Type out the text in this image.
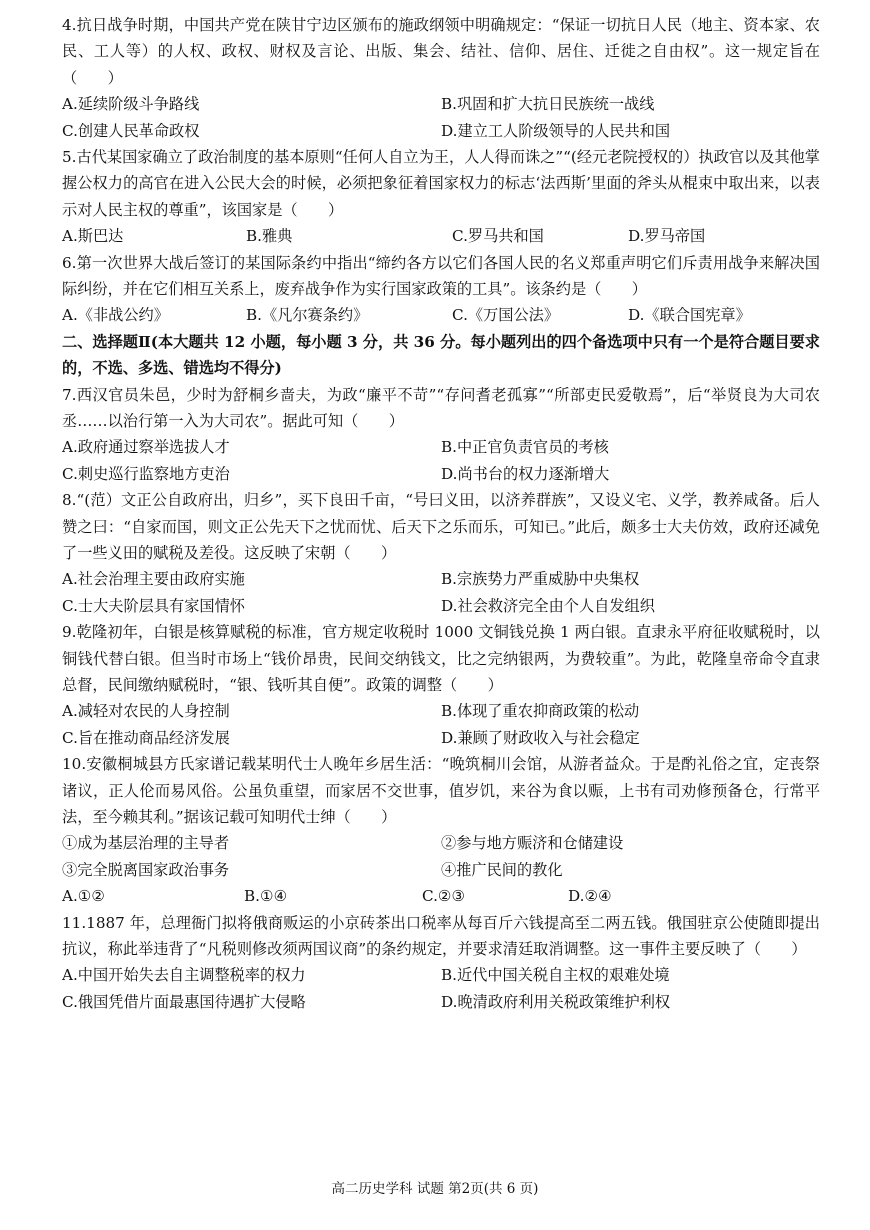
4.抗日战争时期，中国共产党在陕甘宁边区颁布的施政纲领中明确规定：“保证一切抗日人民（地主、资本家、农民、工人等）的人权、政权、财权及言论、出版、集会、结社、信仰、居住、迁徙之自由权”。这一规定旨在（　　）

A.延续阶级斗争路线	B.巩固和扩大抗日民族统一战线
C.创建人民革命政权	D.建立工人阶级领导的人民共和国

5.古代某国家确立了政治制度的基本原则“任何人自立为王，人人得而诛之”“(经元老院授权的）执政官以及其他掌握公权力的高官在进入公民大会的时候，必须把象征着国家权力的标志‘法西斯’里面的斧头从棍束中取出来，以表示对人民主权的尊重”，该国家是（　　）

A.斯巴达	B.雅典	C.罗马共和国	D.罗马帝国

6.第一次世界大战后签订的某国际条约中指出“缔约各方以它们各国人民的名义郑重声明它们斥责用战争来解决国际纠纷，并在它们相互关系上，废弃战争作为实行国家政策的工具”。该条约是（　　）

A.《非战公约》	B.《凡尔赛条约》	C.《万国公法》	D.《联合国宪章》

二、选择题Ⅱ(本大题共 12 小题，每小题 3 分，共 36 分。每小题列出的四个备选项中只有一个是符合题目要求的，不选、多选、错选均不得分)

7.西汉官员朱邑，少时为舒桐乡啬夫，为政“廉平不苛”“存问耆老孤寡”“所部吏民爱敬焉”，后“举贤良为大司农丞……以治行第一入为大司农”。据此可知（　　）

A.政府通过察举选拔人才	B.中正官负责官员的考核
C.刺史巡行监察地方吏治	D.尚书台的权力逐渐增大

8.“(范）文正公自政府出，归乡”，买下良田千亩，“号曰义田，以济养群族”，又设义宅、义学，教养咸备。后人赞之曰：“自家而国，则文正公先天下之忧而忧、后天下之乐而乐，可知已。”此后，颇多士大夫仿效，政府还减免了一些义田的赋税及差役。这反映了宋朝（　　）

A.社会治理主要由政府实施	B.宗族势力严重威胁中央集权
C.士大夫阶层具有家国情怀	D.社会救济完全由个人自发组织

9.乾隆初年，白银是核算赋税的标准，官方规定收税时 1000 文铜钱兑换 1 两白银。直隶永平府征收赋税时，以铜钱代替白银。但当时市场上“钱价昂贵，民间交纳钱文，比之完纳银两，为费较重”。为此，乾隆皇帝命令直隶总督，民间缴纳赋税时，“银、钱听其自便”。政策的调整（　　）

A.减轻对农民的人身控制	B.体现了重农抑商政策的松动
C.旨在推动商品经济发展	D.兼顾了财政收入与社会稳定

10.安徽桐城县方氏家谱记载某明代士人晚年乡居生活：“晚筑桐川会馆，从游者益众。于是酌礼俗之宜，定丧祭诸议，正人伦而易风俗。公虽负重望，而家居不交世事，值岁饥，来谷为食以赈，上书有司劝修预备仓，行常平法，至今赖其利。”据该记载可知明代士绅（　　）

①成为基层治理的主导者	②参与地方赈济和仓储建设
③完全脱离国家政治事务	④推广民间的教化
A.①②	B.①④	C.②③	D.②④

11.1887 年，总理衙门拟将俄商贩运的小京砖茶出口税率从每百斤六钱提高至二两五钱。俄国驻京公使随即提出抗议，称此举违背了“凡税则修改须两国议商”的条约规定，并要求清廷取消调整。这一事件主要反映了（　　）

A.中国开始失去自主调整税率的权力	B.近代中国关税自主权的艰难处境
C.俄国凭借片面最惠国待遇扩大侵略	D.晚清政府利用关税政策维护利权
高二历史学科 试题 第2页(共 6 页)
